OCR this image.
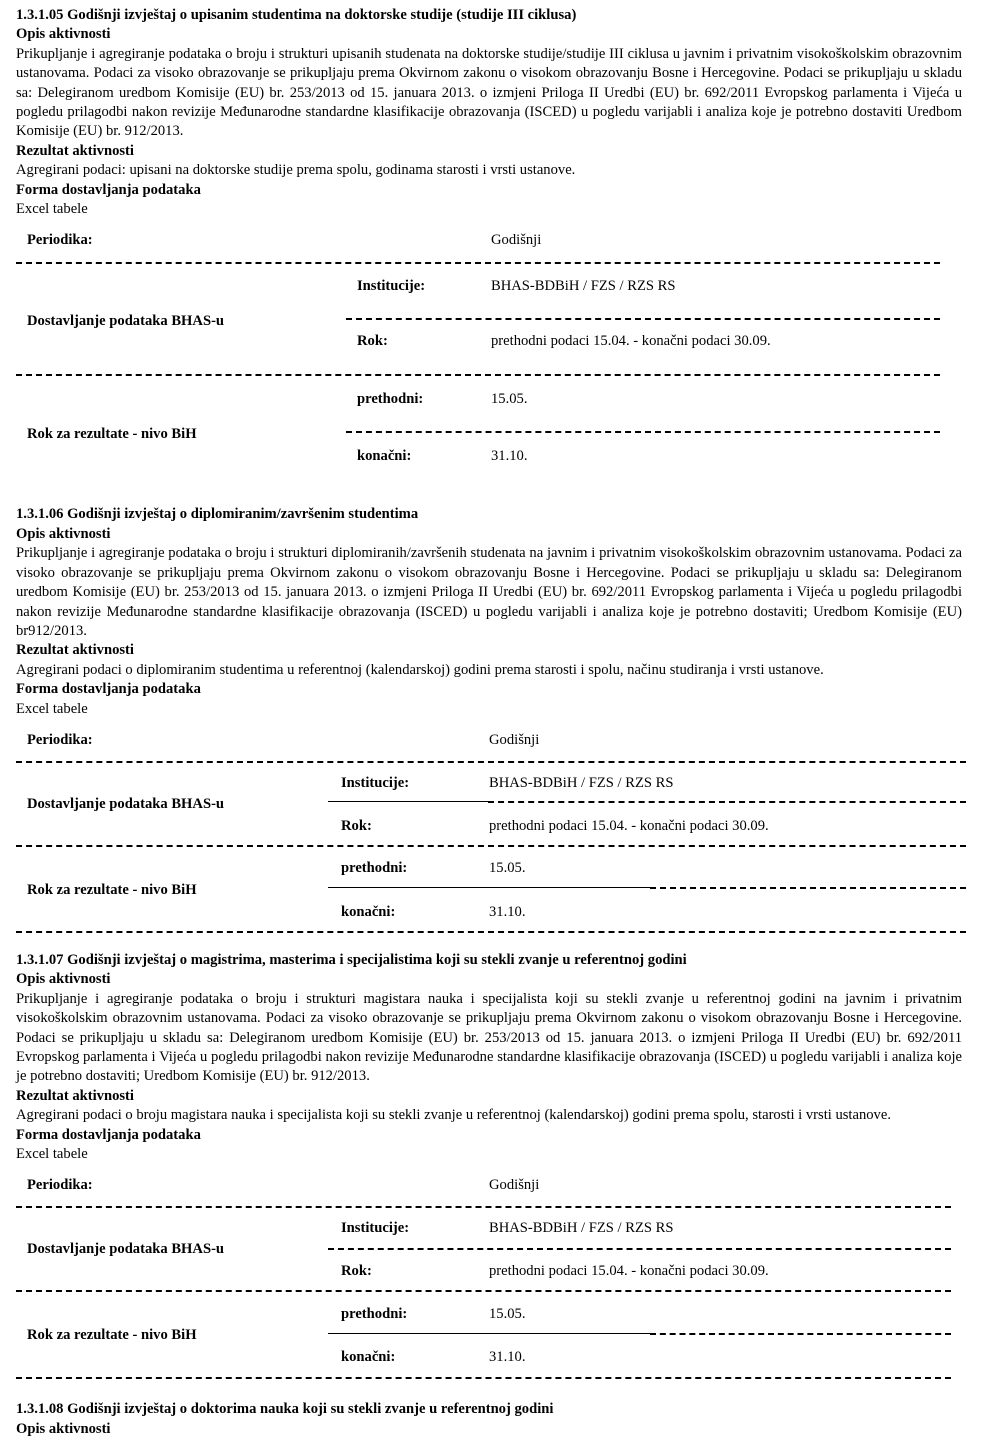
1.3.1.05 Godišnji izvještaj o upisanim studentima na doktorske studije (studije III ciklusa)
Opis aktivnosti
Prikupljanje i agregiranje podataka o broju i strukturi upisanih studenata na doktorske studije/studije III ciklusa u javnim i privatnim visokoškolskim obrazovnim ustanovama. Podaci za visoko obrazovanje se prikupljaju prema Okvirnom zakonu o visokom obrazovanju Bosne i Hercegovine. Podaci se prikupljaju u skladu sa: Delegiranom uredbom Komisije (EU) br. 253/2013 od 15. januara 2013. o izmjeni Priloga II Uredbi (EU) br. 692/2011 Evropskog parlamenta i Vijeća u pogledu prilagodbi nakon revizije Međunarodne standardne klasifikacije obrazovanja (ISCED) u pogledu varijabli i analiza koje je potrebno dostaviti Uredbom Komisije (EU) br. 912/2013.
Rezultat aktivnosti
Agregirani podaci: upisani na doktorske studije prema spolu, godinama starosti i vrsti ustanove.
Forma dostavljanja podataka
Excel tabele
Periodika:	Godišnji
Institucije:	BHAS-BDBiH / FZS / RZS RS
Dostavljanje podataka BHAS-u
Rok:	prethodni podaci 15.04. - konačni podaci 30.09.
prethodni:	15.05.
Rok za rezultate - nivo BiH
konačni:	31.10.
1.3.1.06 Godišnji izvještaj o diplomiranim/završenim studentima
Opis aktivnosti
Prikupljanje i agregiranje podataka o broju i strukturi diplomiranih/završenih studenata na javnim i privatnim visokoškolskim obrazovnim ustanovama. Podaci za visoko obrazovanje se prikupljaju prema Okvirnom zakonu o visokom obrazovanju Bosne i Hercegovine. Podaci se prikupljaju u skladu sa: Delegiranom uredbom Komisije (EU) br. 253/2013 od 15. januara 2013. o izmjeni Priloga II Uredbi (EU) br. 692/2011 Evropskog parlamenta i Vijeća u pogledu prilagodbi nakon revizije Međunarodne standardne klasifikacije obrazovanja (ISCED) u pogledu varijabli i analiza koje je potrebno dostaviti; Uredbom Komisije (EU) br912/2013.
Rezultat aktivnosti
Agregirani podaci o diplomiranim studentima u referentnoj (kalendarskoj) godini prema starosti i spolu, načinu studiranja i vrsti ustanove.
Forma dostavljanja podataka
Excel tabele
Periodika:	Godišnji
Institucije:	BHAS-BDBiH / FZS / RZS RS
Dostavljanje podataka BHAS-u
Rok:	prethodni podaci 15.04. - konačni podaci 30.09.
prethodni:	15.05.
Rok za rezultate - nivo BiH
konačni:	31.10.
1.3.1.07 Godišnji izvještaj o magistrima, masterima i specijalistima koji su stekli zvanje u referentnoj godini
Opis aktivnosti
Prikupljanje i agregiranje podataka o broju i strukturi magistara nauka i specijalista koji su stekli zvanje u referentnoj godini na javnim i privatnim visokoškolskim obrazovnim ustanovama. Podaci za visoko obrazovanje se prikupljaju prema Okvirnom zakonu o visokom obrazovanju Bosne i Hercegovine. Podaci se prikupljaju u skladu sa: Delegiranom uredbom Komisije (EU) br. 253/2013 od 15. januara 2013. o izmjeni Priloga II Uredbi (EU) br. 692/2011 Evropskog parlamenta i Vijeća u pogledu prilagodbi nakon revizije Međunarodne standardne klasifikacije obrazovanja (ISCED) u pogledu varijabli i analiza koje je potrebno dostaviti; Uredbom Komisije (EU) br. 912/2013.
Rezultat aktivnosti
Agregirani podaci o broju magistara nauka i specijalista koji su stekli zvanje u referentnoj (kalendarskoj) godini prema spolu, starosti i vrsti ustanove.
Forma dostavljanja podataka
Excel tabele
Periodika:	Godišnji
Institucije:	BHAS-BDBiH / FZS / RZS RS
Dostavljanje podataka BHAS-u
Rok:	prethodni podaci 15.04. - konačni podaci 30.09.
prethodni:	15.05.
Rok za rezultate - nivo BiH
konačni:	31.10.
1.3.1.08 Godišnji izvještaj o doktorima nauka koji su stekli zvanje u referentnoj godini
Opis aktivnosti
